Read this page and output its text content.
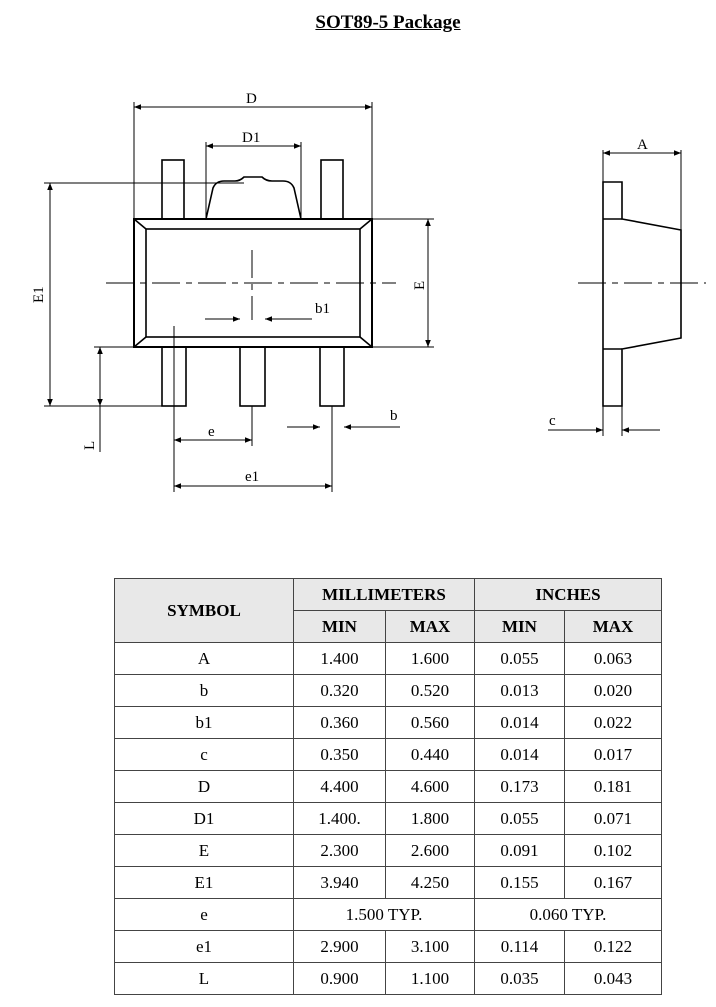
SOT89-5 Package
D
D1
E1
E
L
b1
b
e
e1
A
c
SYMBOL	MILLIMETERS		INCHES	
	MIN	MAX	MIN	MAX
A	1.400	1.600	0.055	0.063
b	0.320	0.520	0.013	0.020
b1	0.360	0.560	0.014	0.022
c	0.350	0.440	0.014	0.017
D	4.400	4.600	0.173	0.181
D1	1.400.	1.800	0.055	0.071
E	2.300	2.600	0.091	0.102
E1	3.940	4.250	0.155	0.167
e	1.500 TYP.		0.060 TYP.	
e1	2.900	3.100	0.114	0.122
L	0.900	1.100	0.035	0.043
